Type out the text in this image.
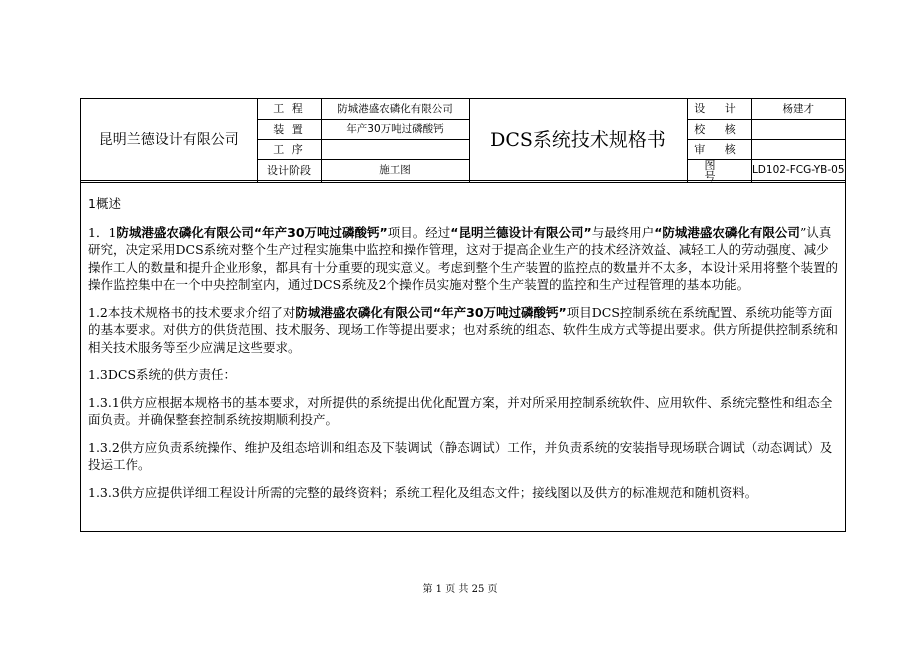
昆明兰德设计有限公司	工 程	防城港盛农磷化有限公司	DCS系统技术规格书	设 计	杨建才
	装 置	年产30万吨过磷酸钙		校 核	
	工 序			审 核	
	设计阶段	施工图		图 号	LD102-FCG-YB-05

1概述

1．1防城港盛农磷化有限公司“年产30万吨过磷酸钙”项目。经过“昆明兰德设计有限公司”与最终用户“防城港盛农磷化有限公司”认真研究，决定采用DCS系统对整个生产过程实施集中监控和操作管理，这对于提高企业生产的技术经济效益、减轻工人的劳动强度、减少操作工人的数量和提升企业形象，都具有十分重要的现实意义。考虑到整个生产装置的监控点的数量并不太多，本设计采用将整个装置的操作监控集中在一个中央控制室内，通过DCS系统及2个操作员实施对整个生产装置的监控和生产过程管理的基本功能。

1.2本技术规格书的技术要求介绍了对防城港盛农磷化有限公司“年产30万吨过磷酸钙”项目DCS控制系统在系统配置、系统功能等方面的基本要求。对供方的供货范围、技术服务、现场工作等提出要求；也对系统的组态、软件生成方式等提出要求。供方所提供控制系统和相关技术服务等至少应满足这些要求。

1.3DCS系统的供方责任：

1.3.1供方应根据本规格书的基本要求，对所提供的系统提出优化配置方案，并对所采用控制系统软件、应用软件、系统完整性和组态全面负责。并确保整套控制系统按期顺利投产。

1.3.2供方应负责系统操作、维护及组态培训和组态及下装调试（静态调试）工作，并负责系统的安装指导现场联合调试（动态调试）及投运工作。

1.3.3供方应提供详细工程设计所需的完整的最终资料；系统工程化及组态文件；接线图以及供方的标准规范和随机资料。

第 1 页 共 25 页
